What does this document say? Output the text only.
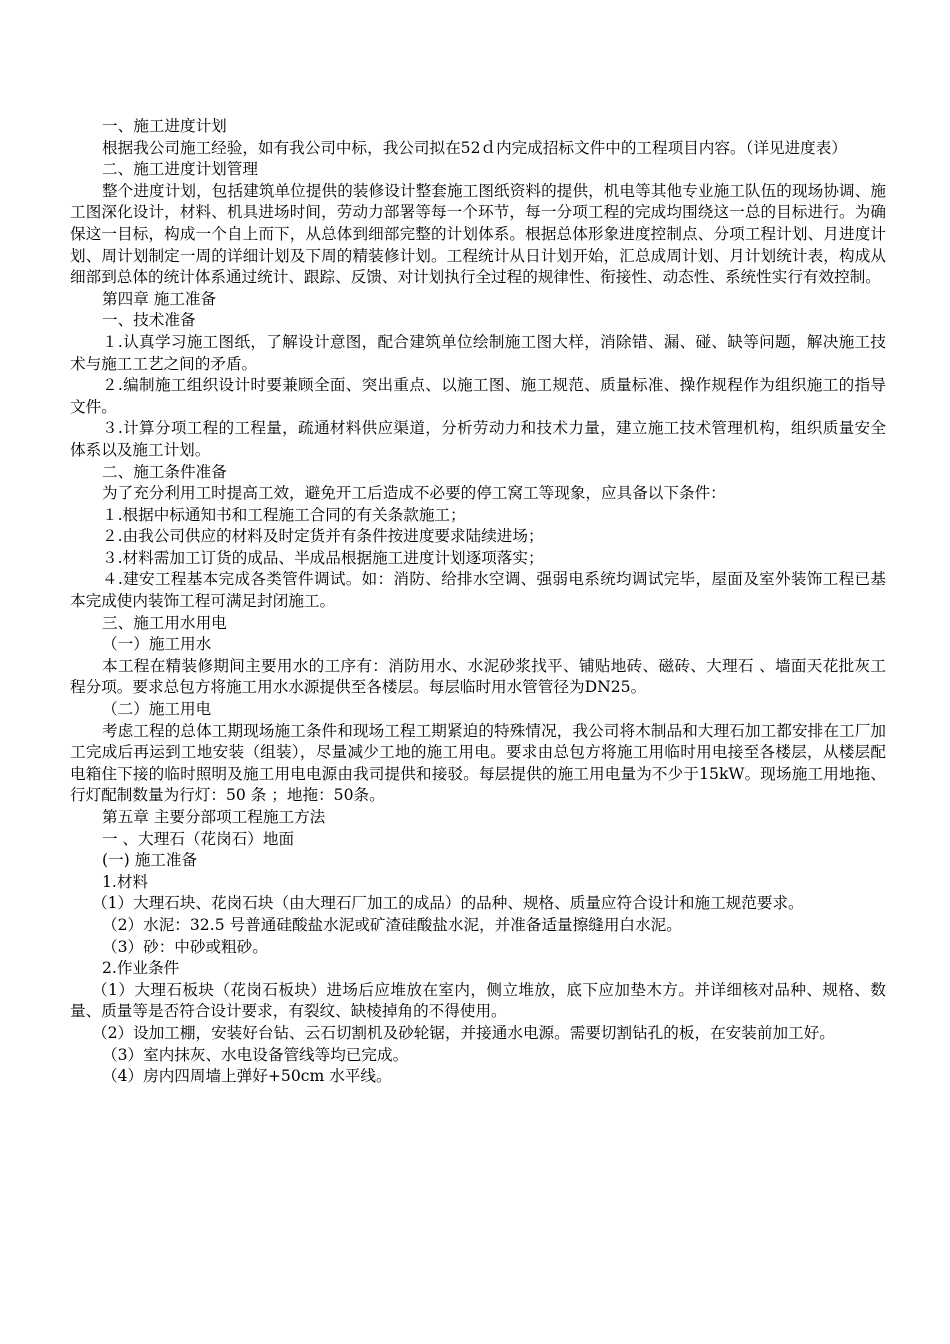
一、施工进度计划

根据我公司施工经验，如有我公司中标，我公司拟在52ｄ内完成招标文件中的工程项目内容。（详见进度表）

二、施工进度计划管理

整个进度计划，包括建筑单位提供的装修设计整套施工图纸资料的提供，机电等其他专业施工队伍的现场协调、施工图深化设计，材料、机具进场时间，劳动力部署等每一个环节，每一分项工程的完成均围绕这一总的目标进行。为确保这一目标，构成一个自上而下，从总体到细部完整的计划体系。根据总体形象进度控制点、分项工程计划、月进度计划、周计划制定一周的详细计划及下周的精装修计划。工程统计从日计划开始，汇总成周计划、月计划统计表，构成从细部到总体的统计体系通过统计、跟踪、反馈、对计划执行全过程的规律性、衔接性、动态性、系统性实行有效控制。

第四章 施工准备

一、技术准备

１.认真学习施工图纸，了解设计意图，配合建筑单位绘制施工图大样，消除错、漏、碰、缺等问题，解决施工技术与施工工艺之间的矛盾。

２.编制施工组织设计时要兼顾全面、突出重点、以施工图、施工规范、质量标准、操作规程作为组织施工的指导文件。

３.计算分项工程的工程量，疏通材料供应渠道，分析劳动力和技术力量，建立施工技术管理机构，组织质量安全体系以及施工计划。

二、施工条件准备

为了充分利用工时提高工效，避免开工后造成不必要的停工窝工等现象，应具备以下条件：

１.根据中标通知书和工程施工合同的有关条款施工；

２.由我公司供应的材料及时定货并有条件按进度要求陆续进场；

３.材料需加工订货的成品、半成品根据施工进度计划逐项落实；

４.建安工程基本完成各类管件调试。如：消防、给排水空调、强弱电系统均调试完毕，屋面及室外装饰工程已基本完成使内装饰工程可满足封闭施工。

三、施工用水用电

（一）施工用水

本工程在精装修期间主要用水的工序有：消防用水、水泥砂浆找平、铺贴地砖、磁砖、大理石 、墙面天花批灰工程分项。要求总包方将施工用水水源提供至各楼层。每层临时用水管管径为DN25。

（二）施工用电

考虑工程的总体工期现场施工条件和现场工程工期紧迫的特殊情况，我公司将木制品和大理石加工都安排在工厂加工完成后再运到工地安装（组装），尽量减少工地的施工用电。要求由总包方将施工用临时用电接至各楼层，从楼层配电箱住下接的临时照明及施工用电电源由我司提供和接驳。每层提供的施工用电量为不少于15kW。现场施工用地拖、行灯配制数量为行灯：50 条 ；地拖：50条。

第五章 主要分部项工程施工方法

一 、大理石（花岗石）地面

(一) 施工准备

1.材料

（1）大理石块、花岗石块（由大理石厂加工的成品）的品种、规格、质量应符合设计和施工规范要求。

（2）水泥：32.5 号普通硅酸盐水泥或矿渣硅酸盐水泥，并准备适量擦缝用白水泥。

（3）砂：中砂或粗砂。

2.作业条件

（1）大理石板块（花岗石板块）进场后应堆放在室内，侧立堆放，底下应加垫木方。并详细核对品种、规格、数量、质量等是否符合设计要求，有裂纹、缺棱掉角的不得使用。

（2）设加工棚，安装好台钻、云石切割机及砂轮锯，并接通水电源。需要切割钻孔的板，在安装前加工好。

（3）室内抹灰、水电设备管线等均已完成。

（4）房内四周墙上弹好+50cm 水平线。
